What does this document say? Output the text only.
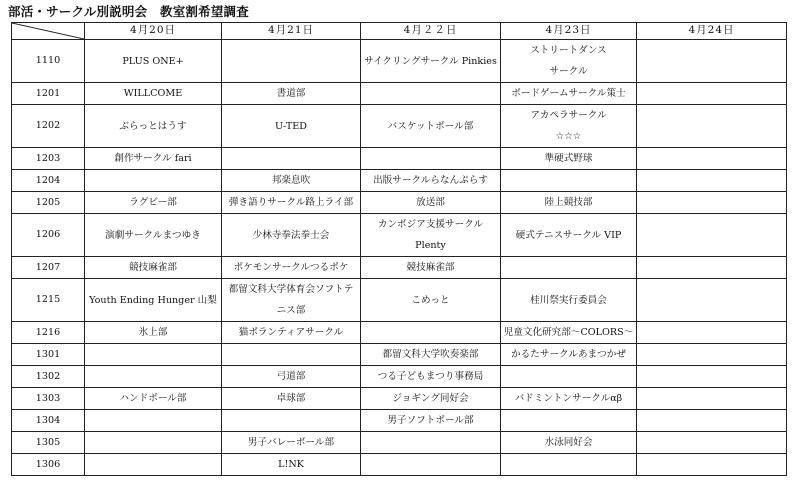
部活・サークル別説明会　教室割希望調査
	4月20日	4月21日	4月２２日	4月23日	4月24日
1110	PLUS ONE+		サイクリングサークル Pinkies	ストリートダンス
サークル	

1201	WILLCOME	書道部		ボードゲームサークル策士	

1202	ぶらっとはうす	U-TED	バスケットボール部	アカペラサークル
☆☆☆	

1203	創作サークル fari			準硬式野球	

1204		邦楽息吹	出版サークルらなんぷらす		

1205	ラグビー部	弾き語りサークル路上ライ部	放送部	陸上競技部	

1206	演劇サークルまつゆき	少林寺拳法拳士会	カンボジア支援サークル
Plenty	硬式テニスサークル VIP	

1207	競技麻雀部	ポケモンサークルつるポケ	競技麻雀部		

1215	Youth Ending Hunger 山梨	都留文科大学体育会ソフトテ
ニス部	こめっと	桂川祭実行委員会	

1216	氷上部	猫ボランティアサークル		児童文化研究部〜COLORS〜	

1301			都留文科大学吹奏楽部	かるたサークルあまつかぜ	

1302		弓道部	つる子どもまつり事務局		

1303	ハンドボール部	卓球部	ジョギング同好会	バドミントンサークルαβ	

1304			男子ソフトボール部		

1305		男子バレーボール部		水泳同好会	

1306		L!NK			
